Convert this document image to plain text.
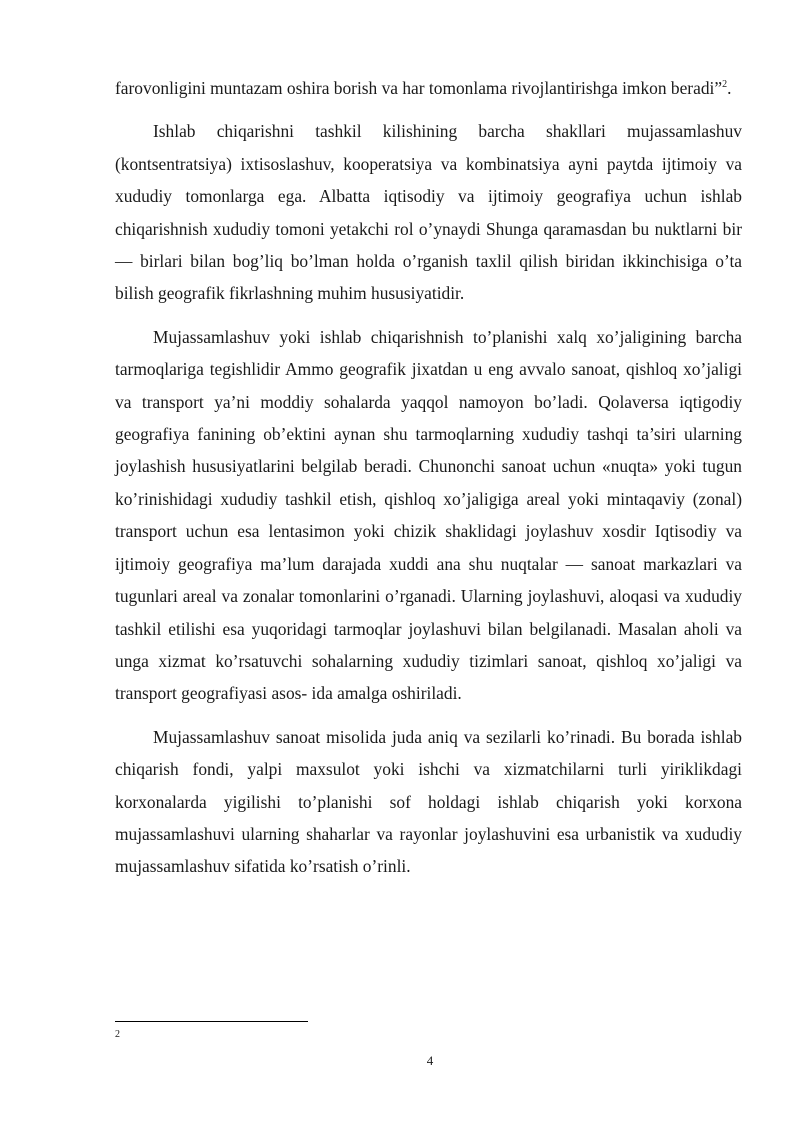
farovonligini muntazam oshira borish va har tomonlama rivojlantirishga imkon beradi”$^2$.

Ishlab chiqarishni tashkil kilishining barcha shakllari mujassamlashuv (kontsentratsiya) ixtisoslashuv, kooperatsiya va kombinatsiya ayni paytda ijtimoiy va xududiy tomonlarga ega. Albatta iqtisodiy va ijtimoiy geografiya uchun ishlab chiqarishnish xududiy tomoni yetakchi rol o’ynaydi Shunga qaramasdan bu nuktlarni bir — birlari bilan bog’liq bo’lman holda o’rganish taxlil qilish biridan ikkinchisiga o’ta bilish geografik fikrlashning muhim hususiyatidir.

Mujassamlashuv yoki ishlab chiqarishnish to’planishi xalq xo’jaligining barcha tarmoqlariga tegishlidir Ammo geografik jixatdan u eng avvalo sanoat, qishloq xo’jaligi va transport ya’ni moddiy sohalarda yaqqol namoyon bo’ladi. Qolaversa iqtigodiy geografiya fanining ob’ektini aynan shu tarmoqlarning xududiy tashqi ta’siri ularning joylashish hususiyatlarini belgilab beradi. Chunonchi sanoat uchun «nuqta» yoki tugun ko’rinishidagi xududiy tashkil etish, qishloq xo’jaligiga areal yoki mintaqaviy (zonal) transport uchun esa lentasimon yoki chizik shaklidagi joylashuv xosdir Iqtisodiy va ijtimoiy geografiya ma’lum darajada xuddi ana shu nuqtalar — sanoat markazlari va tugunlari areal va zonalar tomonlarini o’rganadi. Ularning joylashuvi, aloqasi va xududiy tashkil etilishi esa yuqoridagi tarmoqlar joylashuvi bilan belgilanadi. Masalan aholi va unga xizmat ko’rsatuvchi sohalarning xududiy tizimlari sanoat, qishloq xo’jaligi va transport geografiyasi asos- ida amalga oshiriladi.

Mujassamlashuv sanoat misolida juda aniq va sezilarli ko’rinadi. Bu borada ishlab chiqarish fondi, yalpi maxsulot yoki ishchi va xizmatchilarni turli yiriklikdagi korxonalarda yigilishi to’planishi sof holdagi ishlab chiqarish yoki korxona mujassamlashuvi ularning shaharlar va rayonlar joylashuvini esa urbanistik va xududiy mujassamlashuv sifatida ko’rsatish o’rinli.

2
4
